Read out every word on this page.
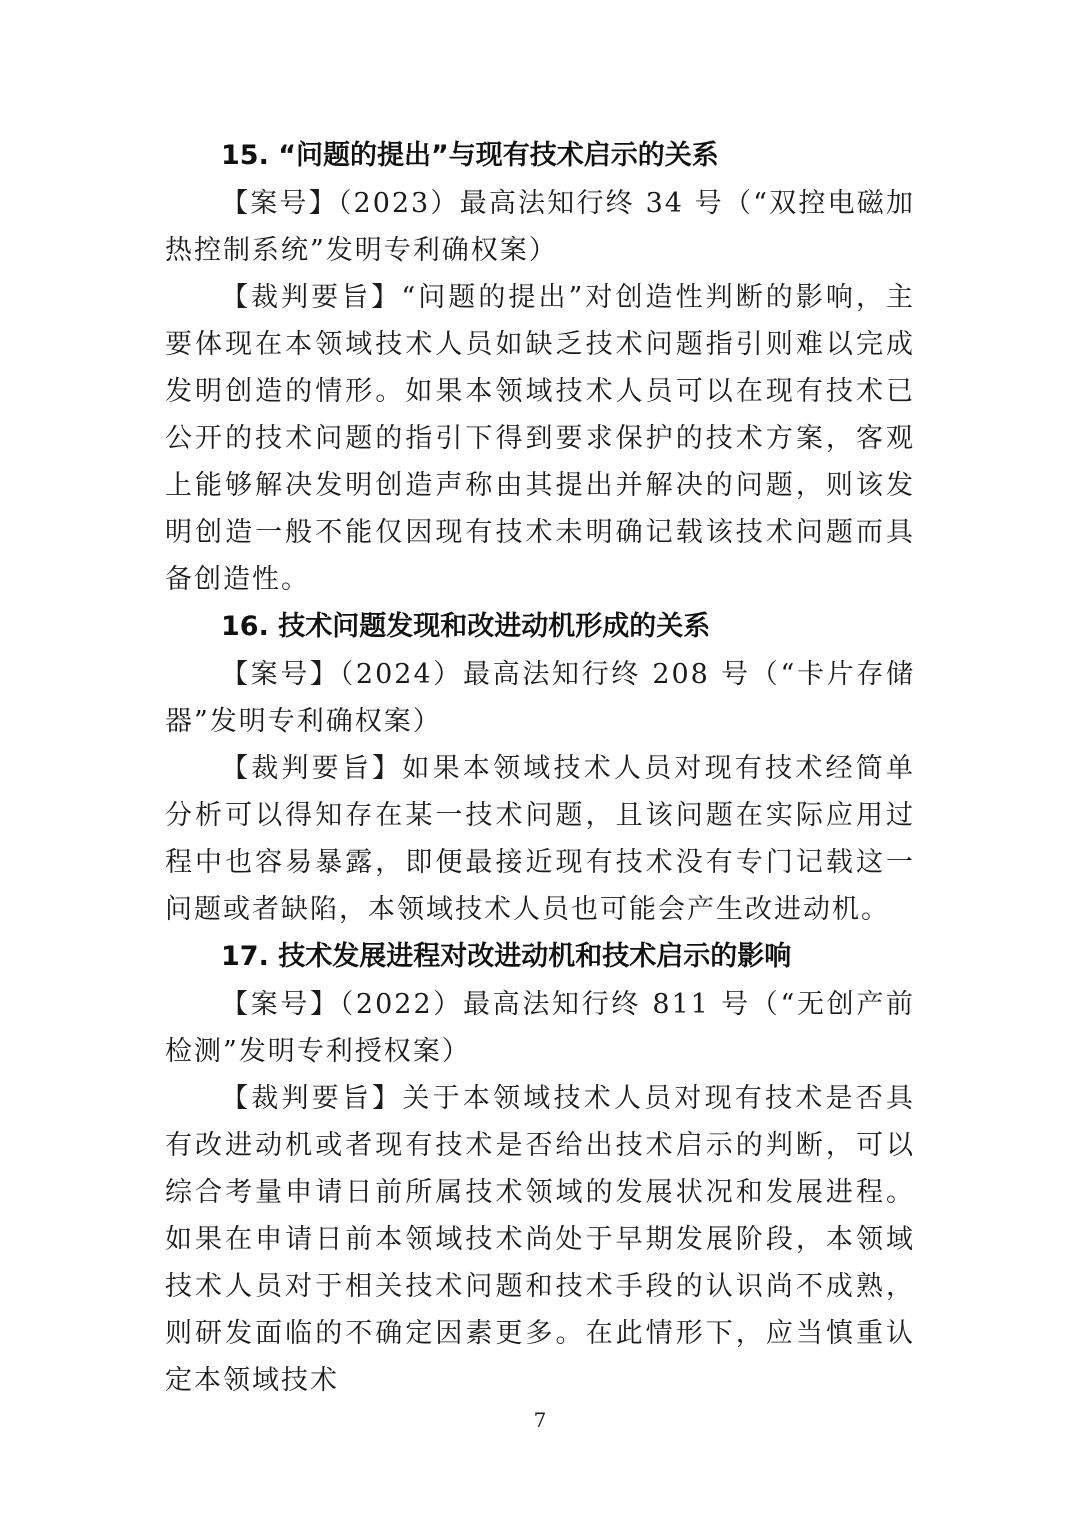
15. “问题的提出”与现有技术启示的关系

【案号】（2023）最高法知行终 34 号（“双控电磁加热控制系统”发明专利确权案）

【裁判要旨】“问题的提出”对创造性判断的影响，主要体现在本领域技术人员如缺乏技术问题指引则难以完成发明创造的情形。如果本领域技术人员可以在现有技术已公开的技术问题的指引下得到要求保护的技术方案，客观上能够解决发明创造声称由其提出并解决的问题，则该发明创造一般不能仅因现有技术未明确记载该技术问题而具备创造性。

16. 技术问题发现和改进动机形成的关系

【案号】（2024）最高法知行终 208 号（“卡片存储器”发明专利确权案）

【裁判要旨】如果本领域技术人员对现有技术经简单分析可以得知存在某一技术问题，且该问题在实际应用过程中也容易暴露，即便最接近现有技术没有专门记载这一问题或者缺陷，本领域技术人员也可能会产生改进动机。

17. 技术发展进程对改进动机和技术启示的影响

【案号】（2022）最高法知行终 811 号（“无创产前检测”发明专利授权案）

【裁判要旨】关于本领域技术人员对现有技术是否具有改进动机或者现有技术是否给出技术启示的判断，可以综合考量申请日前所属技术领域的发展状况和发展进程。如果在申请日前本领域技术尚处于早期发展阶段，本领域技术人员对于相关技术问题和技术手段的认识尚不成熟，则研发面临的不确定因素更多。在此情形下，应当慎重认定本领域技术

7
